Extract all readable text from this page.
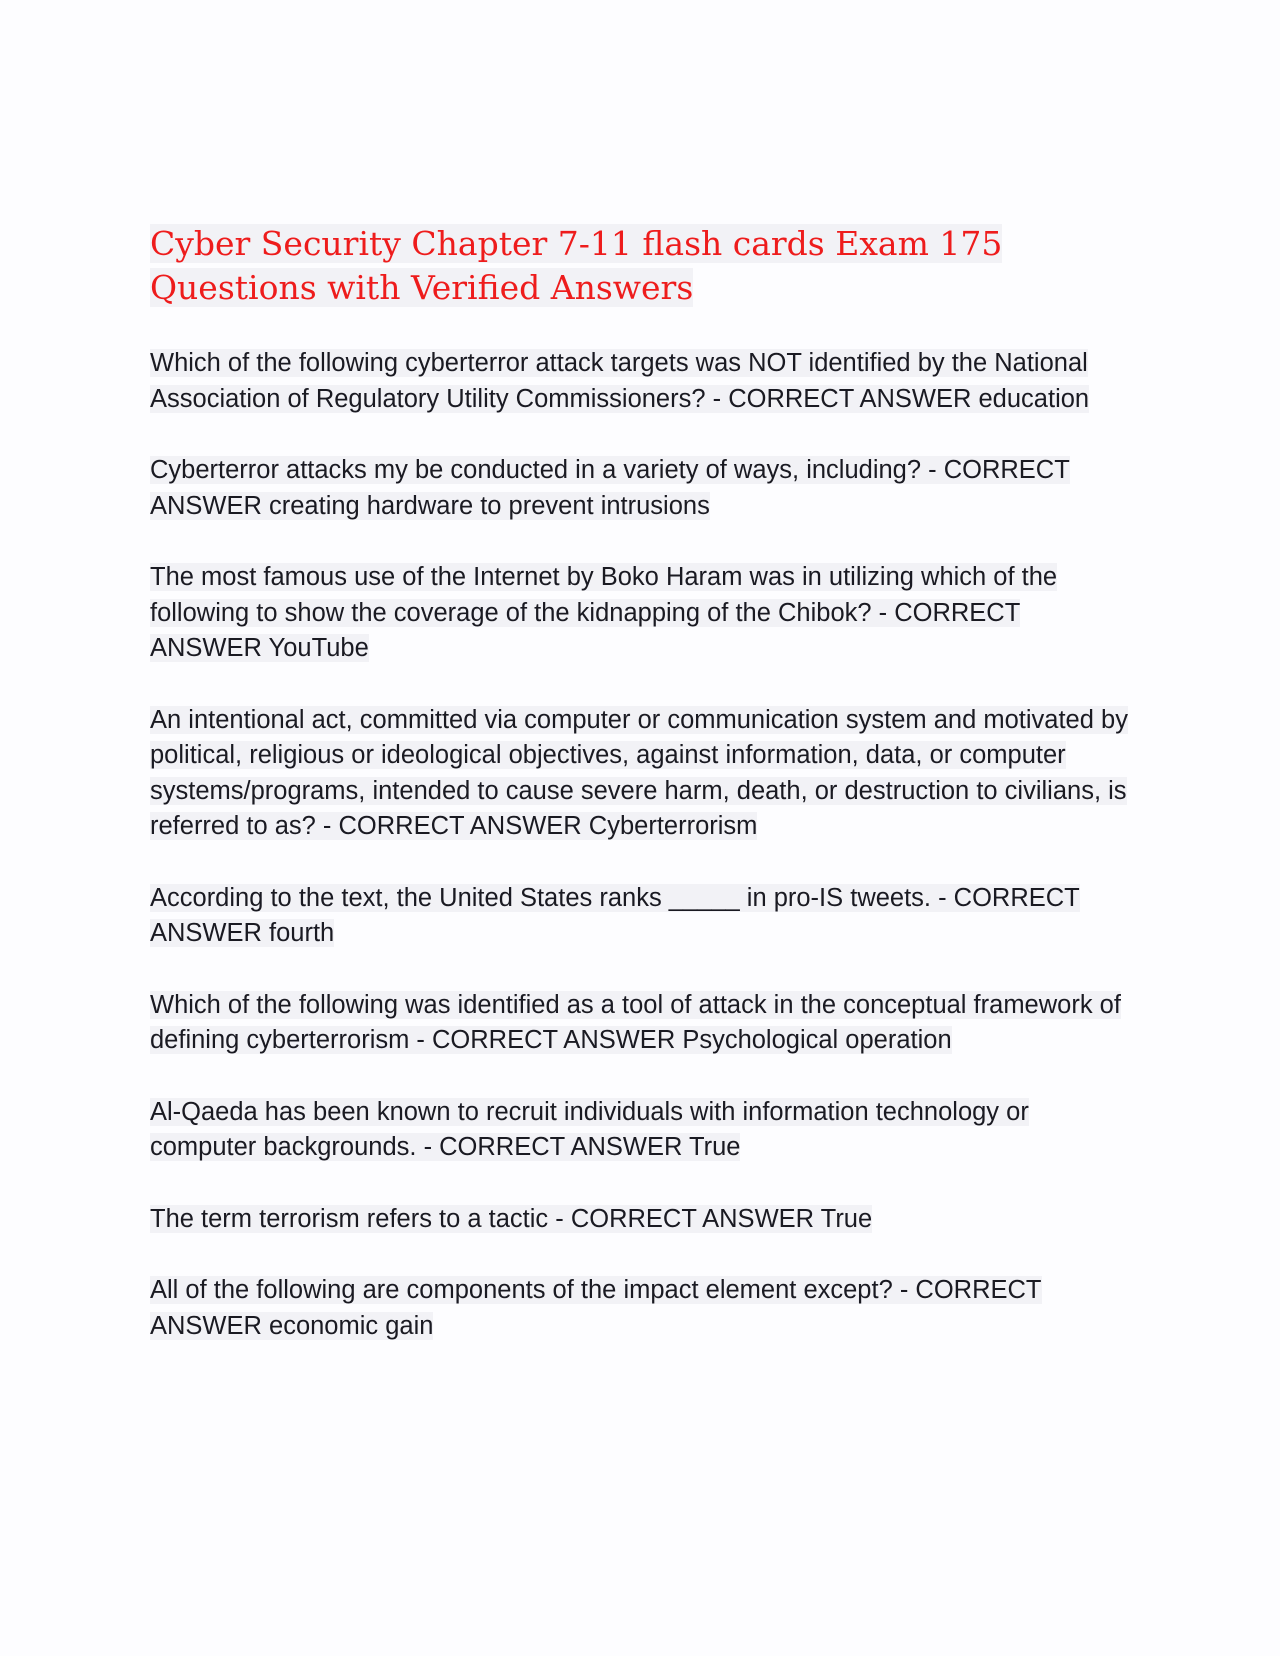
Cyber Security Chapter 7-11 flash cards Exam 175 Questions with Verified Answers

Which of the following cyberterror attack targets was NOT identified by the National Association of Regulatory Utility Commissioners? - CORRECT ANSWER education

Cyberterror attacks my be conducted in a variety of ways, including? - CORRECT ANSWER creating hardware to prevent intrusions

The most famous use of the Internet by Boko Haram was in utilizing which of the following to show the coverage of the kidnapping of the Chibok? - CORRECT ANSWER YouTube

An intentional act, committed via computer or communication system and motivated by political, religious or ideological objectives, against information, data, or computer systems/programs, intended to cause severe harm, death, or destruction to civilians, is referred to as? - CORRECT ANSWER Cyberterrorism

According to the text, the United States ranks _____ in pro-IS tweets. - CORRECT ANSWER fourth

Which of the following was identified as a tool of attack in the conceptual framework of defining cyberterrorism - CORRECT ANSWER Psychological operation

Al-Qaeda has been known to recruit individuals with information technology or computer backgrounds. - CORRECT ANSWER True

The term terrorism refers to a tactic - CORRECT ANSWER True

All of the following are components of the impact element except? - CORRECT ANSWER economic gain
